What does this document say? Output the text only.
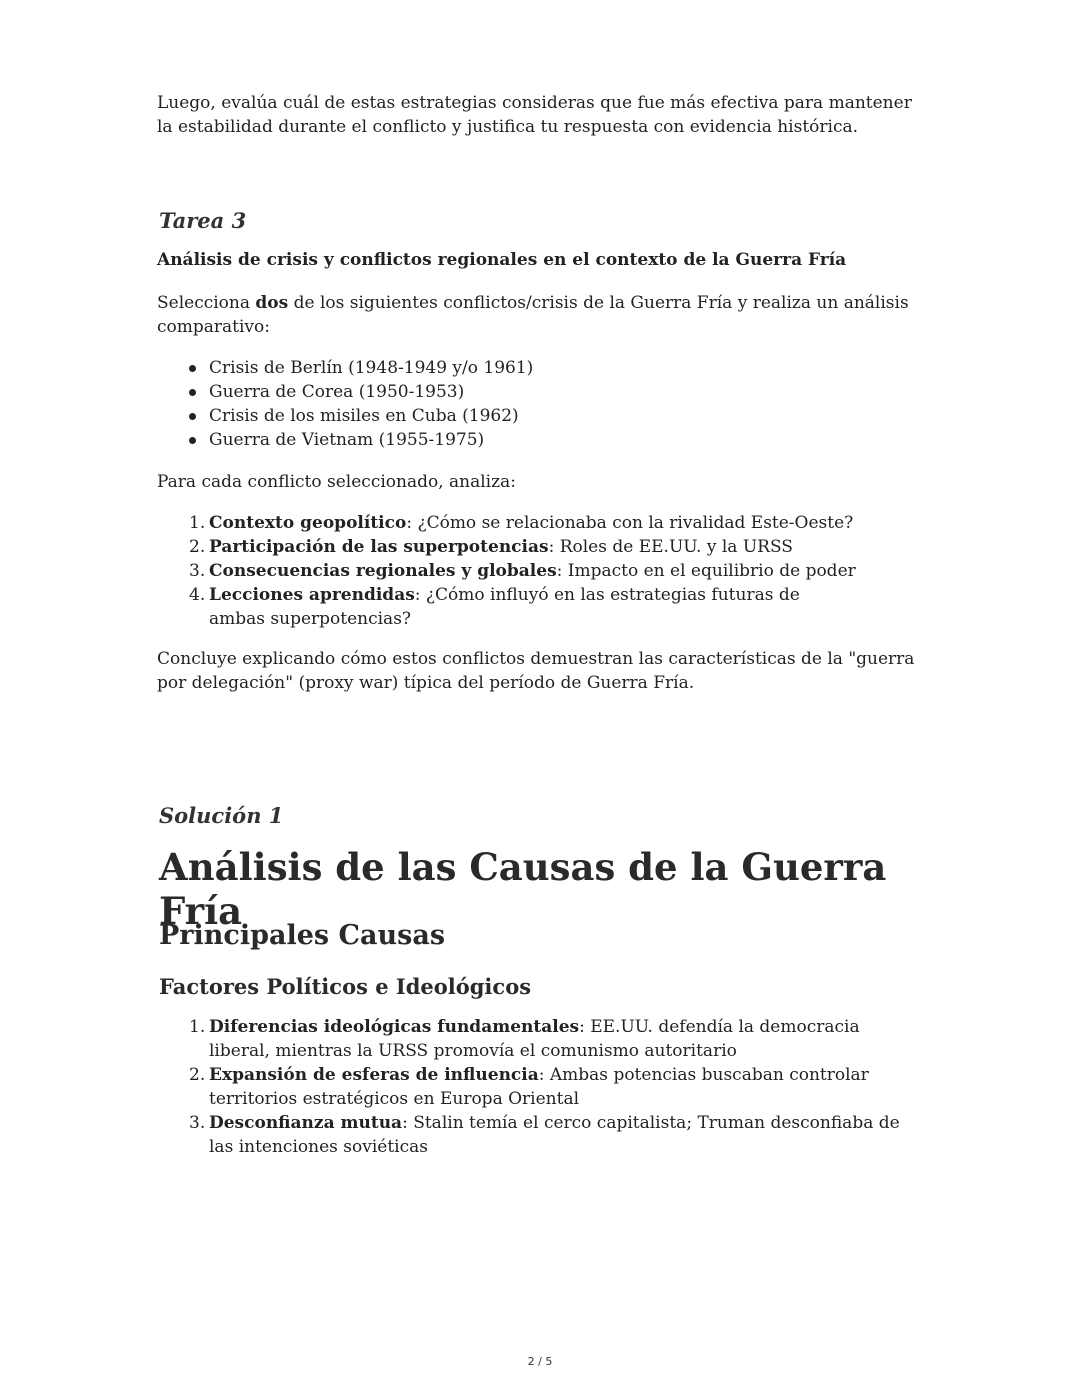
Luego, evalúa cuál de estas estrategias consideras que fue más efectiva para mantener la estabilidad durante el conflicto y justifica tu respuesta con evidencia histórica.

Tarea 3
Análisis de crisis y conflictos regionales en el contexto de la Guerra Fría

Selecciona dos de los siguientes conflictos/crisis de la Guerra Fría y realiza un análisis comparativo:

Crisis de Berlín (1948-1949 y/o 1961)
Guerra de Corea (1950-1953)
Crisis de los misiles en Cuba (1962)
Guerra de Vietnam (1955-1975)

Para cada conflicto seleccionado, analiza:

1. Contexto geopolítico: ¿Cómo se relacionaba con la rivalidad Este-Oeste?
2. Participación de las superpotencias: Roles de EE.UU. y la URSS
3. Consecuencias regionales y globales: Impacto en el equilibrio de poder
4. Lecciones aprendidas: ¿Cómo influyó en las estrategias futuras de ambas superpotencias?

Concluye explicando cómo estos conflictos demuestran las características de la "guerra por delegación" (proxy war) típica del período de Guerra Fría.

Solución 1
Análisis de las Causas de la Guerra Fría
Principales Causas
Factores Políticos e Ideológicos
1. Diferencias ideológicas fundamentales: EE.UU. defendía la democracia liberal, mientras la URSS promovía el comunismo autoritario
2. Expansión de esferas de influencia: Ambas potencias buscaban controlar territorios estratégicos en Europa Oriental
3. Desconfianza mutua: Stalin temía el cerco capitalista; Truman desconfiaba de las intenciones soviéticas
2 / 5
